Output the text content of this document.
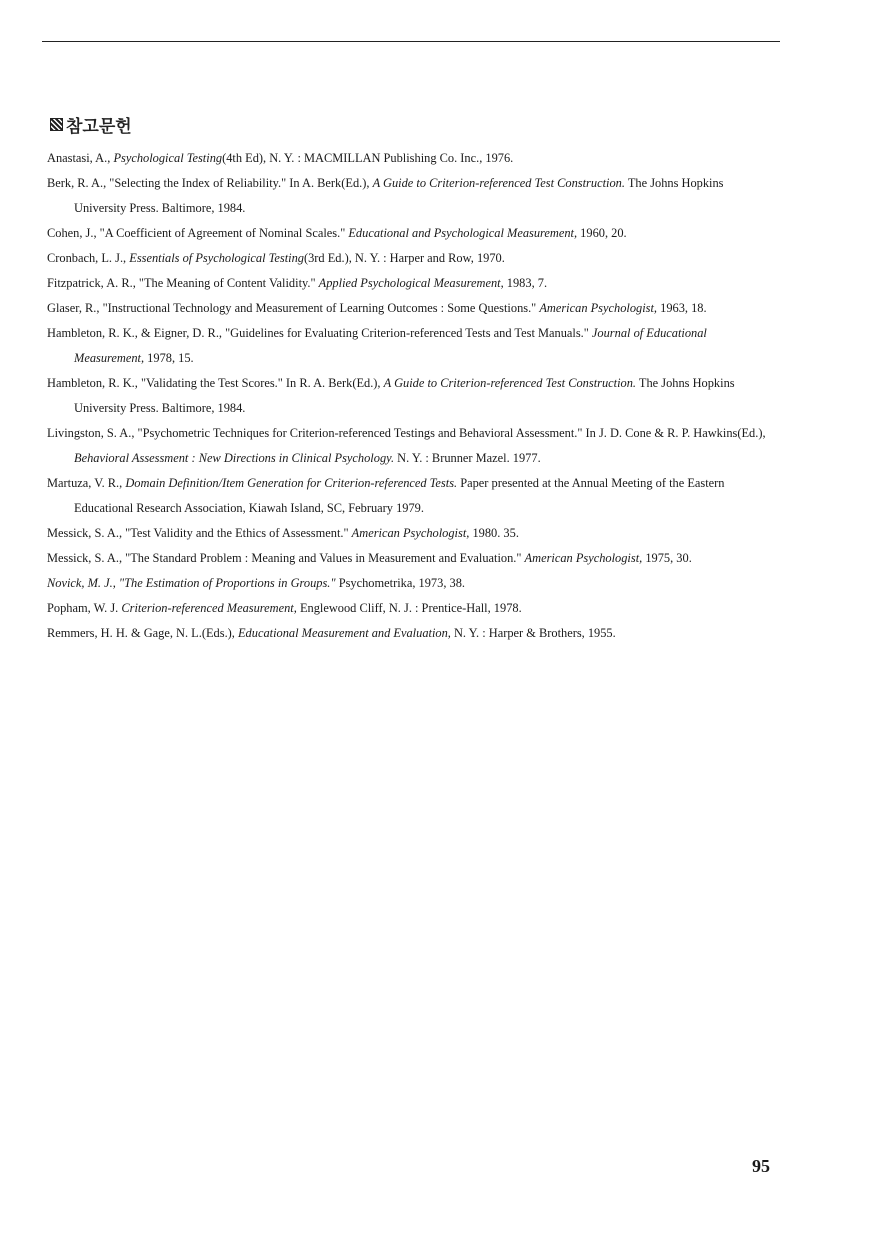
참고문헌

Anastasi, A., Psychological Testing(4th Ed), N. Y. : MACMILLAN Publishing Co. Inc., 1976.

Berk, R. A., "Selecting the Index of Reliability." In A. Berk(Ed.), A Guide to Criterion-referenced Test Construction. The Johns Hopkins University Press. Baltimore, 1984.

Cohen, J., "A Coefficient of Agreement of Nominal Scales." Educational and Psychological Measurement, 1960, 20.

Cronbach, L. J., Essentials of Psychological Testing(3rd Ed.), N. Y. : Harper and Row, 1970.

Fitzpatrick, A. R., "The Meaning of Content Validity." Applied Psychological Measurement, 1983, 7.

Glaser, R., "Instructional Technology and Measurement of Learning Outcomes : Some Questions." American Psychologist, 1963, 18.

Hambleton, R. K., & Eigner, D. R., "Guidelines for Evaluating Criterion-referenced Tests and Test Manuals." Journal of Educational Measurement, 1978, 15.

Hambleton, R. K., "Validating the Test Scores." In R. A. Berk(Ed.), A Guide to Criterion-referenced Test Construction. The Johns Hopkins University Press. Baltimore, 1984.

Livingston, S. A., "Psychometric Techniques for Criterion-referenced Testings and Behavioral Assessment." In J. D. Cone & R. P. Hawkins(Ed.), Behavioral Assessment : New Directions in Clinical Psychology. N. Y. : Brunner Mazel. 1977.

Martuza, V. R., Domain Definition/Item Generation for Criterion-referenced Tests. Paper presented at the Annual Meeting of the Eastern Educational Research Association, Kiawah Island, SC, February 1979.

Messick, S. A., "Test Validity and the Ethics of Assessment." American Psychologist, 1980. 35.

Messick, S. A., "The Standard Problem : Meaning and Values in Measurement and Evaluation." American Psychologist, 1975, 30.

Novick, M. J., "The Estimation of Proportions in Groups." Psychometrika, 1973, 38.

Popham, W. J. Criterion-referenced Measurement, Englewood Cliff, N. J. : Prentice-Hall, 1978.

Remmers, H. H. & Gage, N. L.(Eds.), Educational Measurement and Evaluation, N. Y. : Harper & Brothers, 1955.

95
